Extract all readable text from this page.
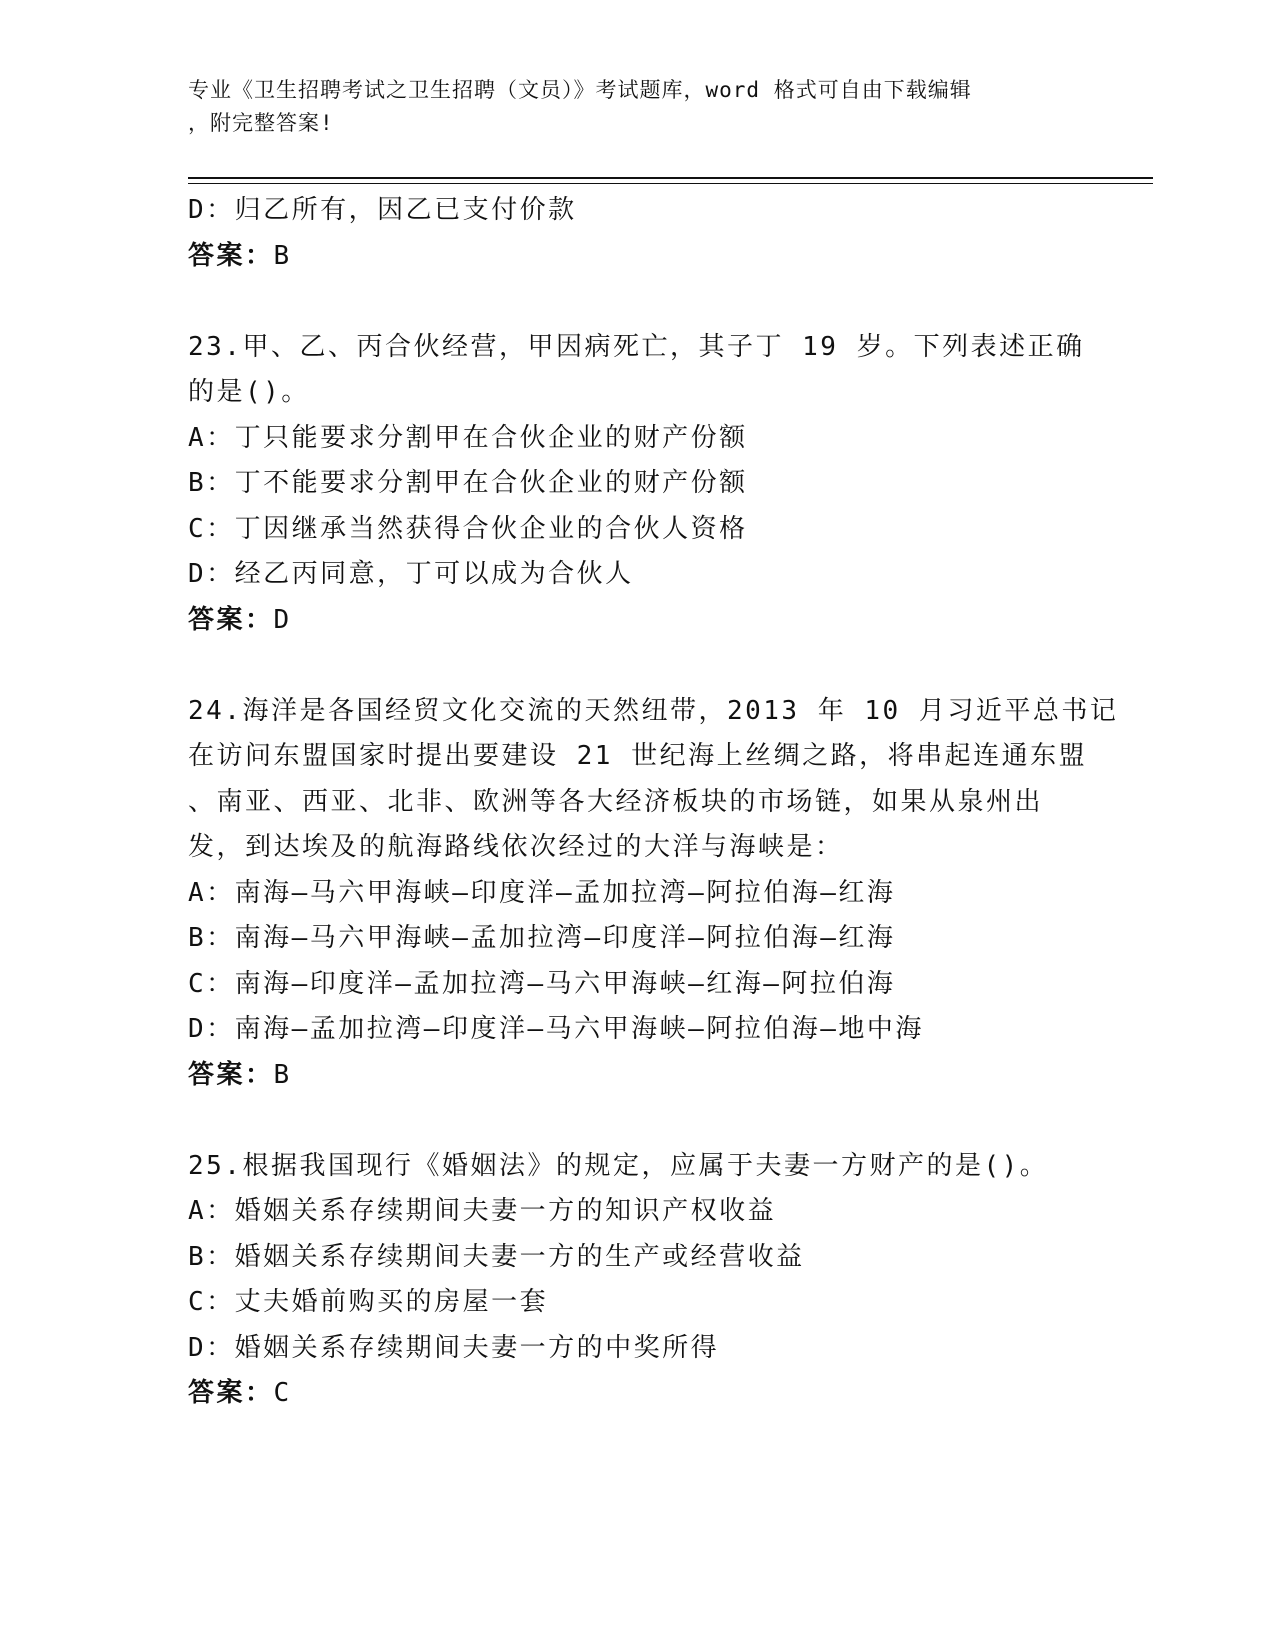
专业《卫生招聘考试之卫生招聘（文员）》考试题库，word 格式可自由下载编辑
，附完整答案!
D：归乙所有，因乙已支付价款
答案：B
23.甲、乙、丙合伙经营，甲因病死亡，其子丁 19 岁。下列表述正确
的是()。
A：丁只能要求分割甲在合伙企业的财产份额
B：丁不能要求分割甲在合伙企业的财产份额
C：丁因继承当然获得合伙企业的合伙人资格
D：经乙丙同意，丁可以成为合伙人
答案：D
24.海洋是各国经贸文化交流的天然纽带，2013 年 10 月习近平总书记
在访问东盟国家时提出要建设 21 世纪海上丝绸之路，将串起连通东盟
、南亚、西亚、北非、欧洲等各大经济板块的市场链，如果从泉州出
发，到达埃及的航海路线依次经过的大洋与海峡是：
A：南海—马六甲海峡—印度洋—孟加拉湾—阿拉伯海—红海
B：南海—马六甲海峡—孟加拉湾—印度洋—阿拉伯海—红海
C：南海—印度洋—孟加拉湾—马六甲海峡—红海—阿拉伯海
D：南海—孟加拉湾—印度洋—马六甲海峡—阿拉伯海—地中海
答案：B
25.根据我国现行《婚姻法》的规定，应属于夫妻一方财产的是()。
A：婚姻关系存续期间夫妻一方的知识产权收益
B：婚姻关系存续期间夫妻一方的生产或经营收益
C：丈夫婚前购买的房屋一套
D：婚姻关系存续期间夫妻一方的中奖所得
答案：C
